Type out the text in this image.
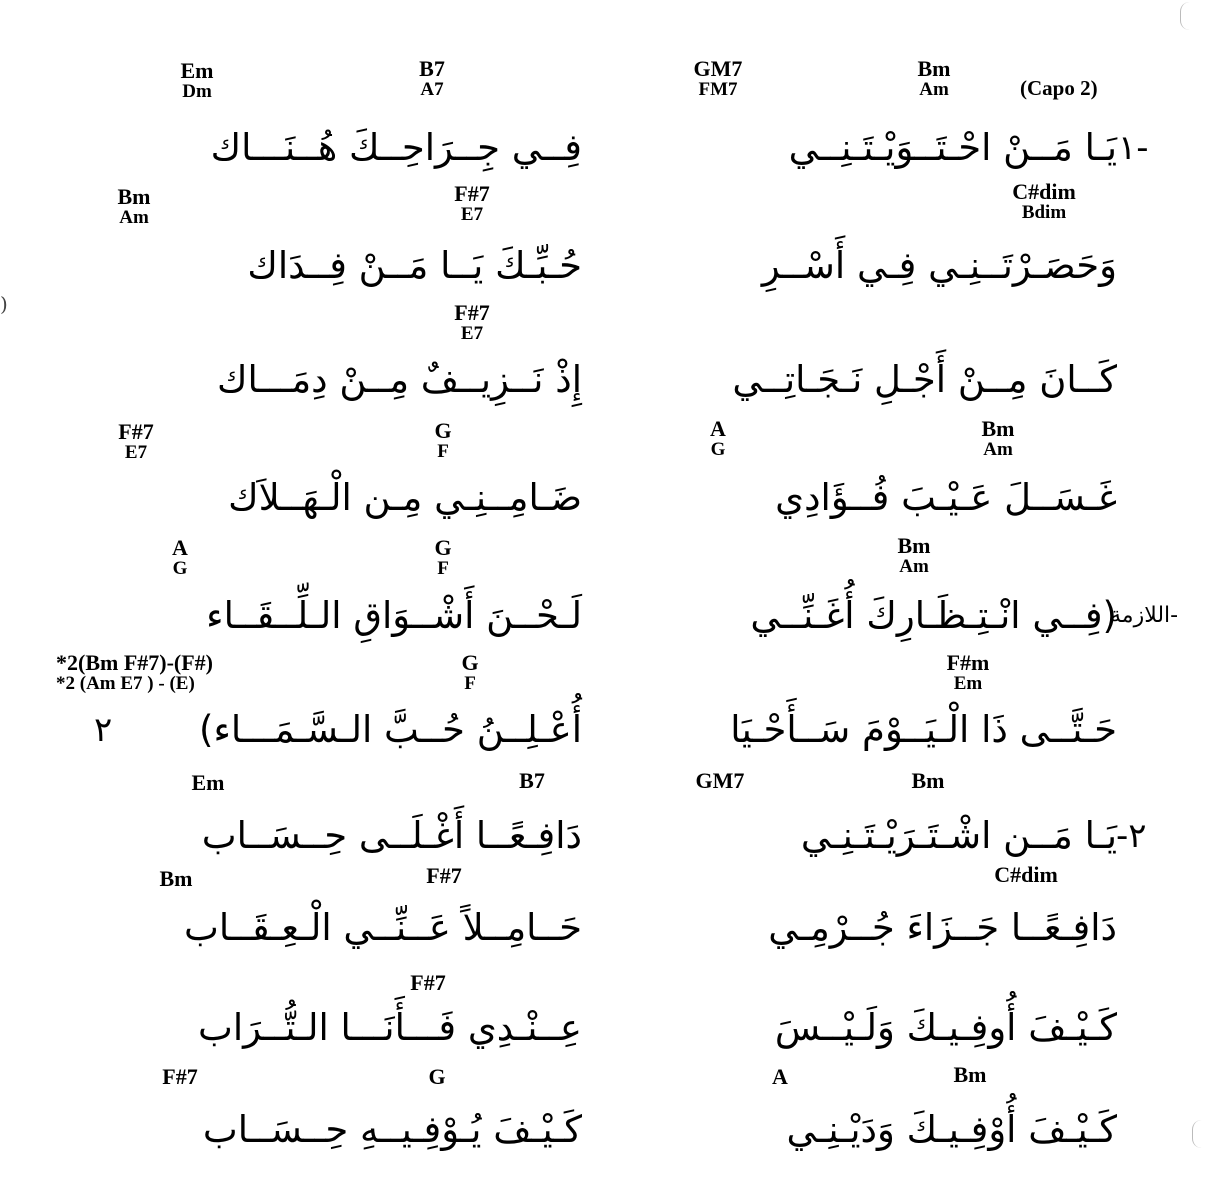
)
(Capo 2)
GM7
FM7
Bm
Am
Em
Dm
B7
A7
١-
يَـا مَــنْ احْـتَــوَيْـتَـنِــي
فِــي جِــرَاحِــكَ هُــنَـــاك
C#dim
Bdim
Bm
Am
F#7
E7
وَحَصَـرْتَــنِـي فِـي أَسْــرِ
حُـبِّـكَ يَــا مَــنْ فِــدَاك
F#7
E7
كَــانَ مِــنْ أَجْـلِ نَـجَـاتِــي
إِذْ نَــزِيــفٌ مِــنْ دِمَـــاك
A
G
Bm
Am
F#7
E7
G
F
غَـسَــلَ عَـيْـبَ فُــؤَادِي
ضَـامِــنِـي مِـن الْـهَــلاَك
Bm
Am
A
G
G
F
اللازمة-
(فِــي انْـتِـظَـارِكَ أُغَـنِّــي
لَـحْــنَ أَشْــوَاقِ الـلِّــقَــاء
F#m
Em
*2(Bm F#7)-(F#)
*2 (Am E7 ) - (E)
G
F
حَـتَّــى ذَا الْـيَــوْمَ سَــأَحْـيَا
أُعْـلِــنُ حُــبَّ الـسَّـمَـــاء)
٢
GM7	Bm
Em	B7
-٢
يَـا مَــن اشْـتَـرَيْـتَـنِـي
دَافِـعًــا أَغْـلَــى حِــسَــاب
C#dim
Bm	F#7
دَافِـعًــا جَــزَاءَ جُــرْمِـي
حَــامِــلاً عَــنِّــي الْـعِـقَــاب
F#7
كَـيْـفَ أُوفِـيـكَ وَلَـيْــسَ
عِــنْـدِي فَـــأَنَـــا الـتُّــرَاب
A	Bm
F#7	G
كَـيْـفَ أُوْفِـيـكَ وَدَيْـنِـي
كَـيْـفَ يُـوْفِـيــهِ حِــسَــاب
